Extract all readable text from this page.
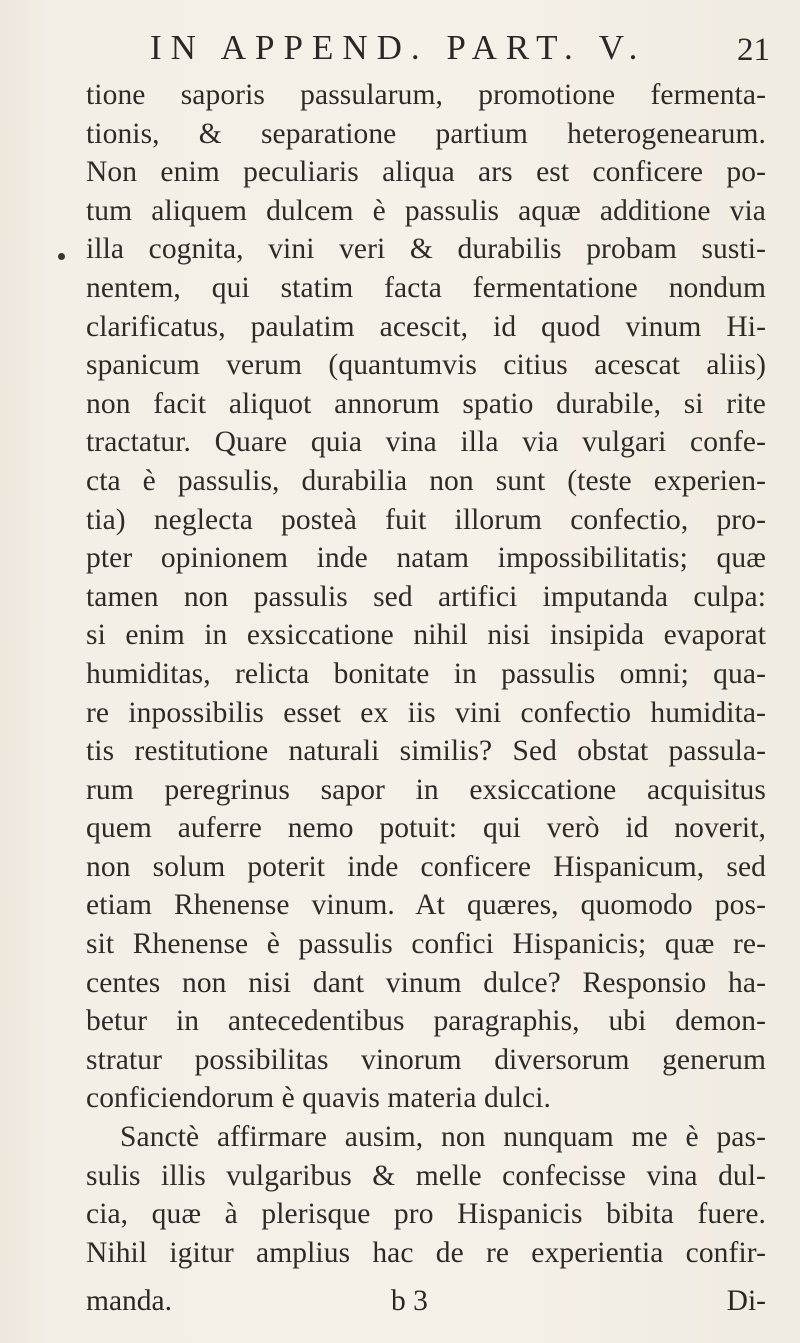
IN APPEND. PART. V.	21
tione saporis passularum, promotione fermenta-
tionis, & separatione partium heterogenearum.
Non enim peculiaris aliqua ars est conficere po-
tum aliquem dulcem è passulis aquæ additione via
illa cognita, vini veri & durabilis probam susti-
nentem, qui statim facta fermentatione nondum
clarificatus, paulatim acescit, id quod vinum Hi-
spanicum verum (quantumvis citius acescat aliis)
non facit aliquot annorum spatio durabile, si rite
tractatur. Quare quia vina illa via vulgari confe-
cta è passulis, durabilia non sunt (teste experien-
tia) neglecta posteà fuit illorum confectio, pro-
pter opinionem inde natam impossibilitatis; quæ
tamen non passulis sed artifici imputanda culpa:
si enim in exsiccatione nihil nisi insipida evaporat
humiditas, relicta bonitate in passulis omni; qua-
re inpossibilis esset ex iis vini confectio humidita-
tis restitutione naturali similis? Sed obstat passula-
rum peregrinus sapor in exsiccatione acquisitus
quem auferre nemo potuit: qui verò id noverit,
non solum poterit inde conficere Hispanicum, sed
etiam Rhenense vinum. At quæres, quomodo pos-
sit Rhenense è passulis confici Hispanicis; quæ re-
centes non nisi dant vinum dulce? Responsio ha-
betur in antecedentibus paragraphis, ubi demon-
stratur possibilitas vinorum diversorum generum
conficiendorum è quavis materia dulci.
Sanctè affirmare ausim, non nunquam me è pas-
sulis illis vulgaribus & melle confecisse vina dul-
cia, quæ à plerisque pro Hispanicis bibita fuere.
Nihil igitur amplius hac de re experientia confir-
manda.	b 3	Di-
